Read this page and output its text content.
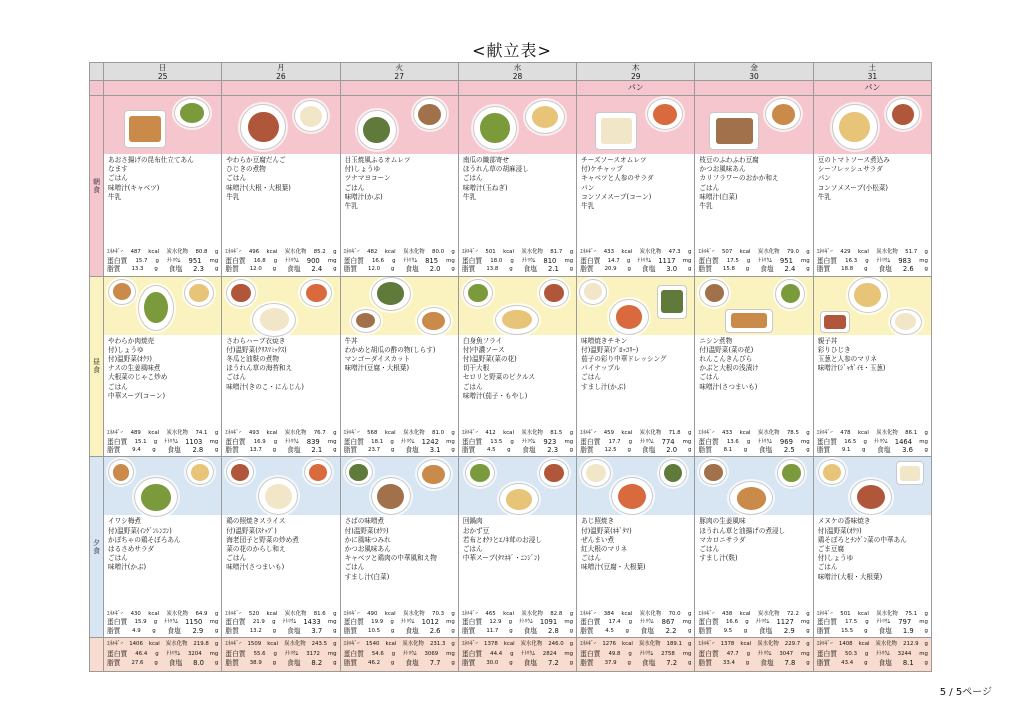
<献立表>
日
25
月
26
火
27
水
28
木
29
金
30
土
31
パン	パン
朝食
あおさ揚げの昆布仕立てあん
なます
ごはん
味噌汁(キャベツ)
牛乳
ｴﾈﾙｷﾞｰ 487 kcal 炭水化物 80.8 g
蛋白質 15.7 g ﾅﾄﾘｳﾑ 951 mg
脂質 13.3 g 食塩 2.3 g
やわらか豆腐だんご
ひじきの煮物
ごはん
味噌汁(大根・大根葉)
牛乳
ｴﾈﾙｷﾞｰ 496 kcal 炭水化物 85.2 g
蛋白質 16.8 g ﾅﾄﾘｳﾑ 900 mg
脂質 12.0 g 食塩 2.4 g
目玉焼風ふるオムレツ
付)しょうゆ
ツナマヨコーン
ごはん
味噌汁(かぶ)
牛乳
ｴﾈﾙｷﾞｰ 482 kcal 炭水化物 80.0 g
蛋白質 16.6 g ﾅﾄﾘｳﾑ 815 mg
脂質 12.0 g 食塩 2.0 g
南瓜の織部寄せ
ほうれん草の胡麻浸し
ごはん
味噌汁(玉ねぎ)
牛乳
ｴﾈﾙｷﾞｰ 501 kcal 炭水化物 81.7 g
蛋白質 18.0 g ﾅﾄﾘｳﾑ 810 mg
脂質 13.8 g 食塩 2.1 g
チーズソースオムレツ
付)ケチャップ
キャベツと人参のサラダ
パン
コンソメスープ(コーン)
牛乳
ｴﾈﾙｷﾞｰ 433 kcal 炭水化物 47.3 g
蛋白質 14.7 g ﾅﾄﾘｳﾑ 1117 mg
脂質 20.9 g 食塩 3.0 g
枝豆のふわふわ豆腐
かつお風味あん
カリフラワーのおかか和え
ごはん
味噌汁(白菜)
牛乳
ｴﾈﾙｷﾞｰ 507 kcal 炭水化物 79.0 g
蛋白質 17.5 g ﾅﾄﾘｳﾑ 951 mg
脂質 15.8 g 食塩 2.4 g
豆のトマトソース煮込み
シーフレッシュサラダ
パン
コンソメスープ(小松菜)
牛乳
ｴﾈﾙｷﾞｰ 429 kcal 炭水化物 51.7 g
蛋白質 16.3 g ﾅﾄﾘｳﾑ 983 mg
脂質 18.8 g 食塩 2.6 g
昼食
やわらか肉焼売
付)しょうゆ
付)温野菜(ｵｸﾗ)
ナスの生姜風味煮
大根菜のじゃこ炒め
ごはん
中華スープ(コーン)
ｴﾈﾙｷﾞｰ 489 kcal 炭水化物 74.1 g
蛋白質 15.1 g ﾅﾄﾘｳﾑ 1103 mg
脂質 9.4 g 食塩 2.8 g
さわらハーブ衣焼き
付)温野菜(ｸﾘｽﾏﾐｯｸｽ)
冬瓜と油麩の煮物
ほうれん草の海苔和え
ごはん
味噌汁(きのこ・にんじん)
ｴﾈﾙｷﾞｰ 493 kcal 炭水化物 76.7 g
蛋白質 16.9 g ﾅﾄﾘｳﾑ 839 mg
脂質 13.7 g 食塩 2.1 g
牛丼
わかめと胡瓜の酢の物(しらす)
マンゴーダイスカット
味噌汁(豆腐・大根葉)
ｴﾈﾙｷﾞｰ 568 kcal 炭水化物 81.0 g
蛋白質 18.1 g ﾅﾄﾘｳﾑ 1242 mg
脂質 23.7 g 食塩 3.1 g
白身魚フライ
付)中濃ソース
付)温野菜(菜の花)
切干大根
セロリと野菜のピクルス
ごはん
味噌汁(茄子・もやし)
ｴﾈﾙｷﾞｰ 412 kcal 炭水化物 81.5 g
蛋白質 13.5 g ﾅﾄﾘｳﾑ 923 mg
脂質 4.5 g 食塩 2.3 g
味噌焼きチキン
付)温野菜(ﾌﾞﾛｯｺﾘｰ)
茄子の彩り中華ドレッシング
パイナップル
ごはん
すまし汁(かぶ)
ｴﾈﾙｷﾞｰ 459 kcal 炭水化物 71.8 g
蛋白質 17.7 g ﾅﾄﾘｳﾑ 774 mg
脂質 12.5 g 食塩 2.0 g
ニシン煮物
付)温野菜(菜の花)
れんこんきんぴら
かぶと大根の浅漬け
ごはん
味噌汁(さつまいも)
ｴﾈﾙｷﾞｰ 433 kcal 炭水化物 78.5 g
蛋白質 13.6 g ﾅﾄﾘｳﾑ 969 mg
脂質 8.1 g 食塩 2.5 g
親子丼
彩りひじき
玉葱と人参のマリネ
味噌汁(ｼﾞｬｶﾞｲﾓ・玉葱)
ｴﾈﾙｷﾞｰ 478 kcal 炭水化物 86.1 g
蛋白質 16.5 g ﾅﾄﾘｳﾑ 1464 mg
脂質 9.1 g 食塩 3.6 g
夕食
イワシ梅煮
付)温野菜(ｲﾝｹﾞﾝﾚﾝｺﾝ)
かぼちゃの鶏そぼろあん
はるさめサラダ
ごはん
味噌汁(かぶ)
ｴﾈﾙｷﾞｰ 430 kcal 炭水化物 64.9 g
蛋白質 15.9 g ﾅﾄﾘｳﾑ 1150 mg
脂質 4.9 g 食塩 2.9 g
鶏の照焼きスライス
付)温野菜(ｽﾅｯﾌﾟ)
海老団子と野菜の炒め煮
菜の花のからし和え
ごはん
味噌汁(さつまいも)
ｴﾈﾙｷﾞｰ 520 kcal 炭水化物 81.6 g
蛋白質 21.9 g ﾅﾄﾘｳﾑ 1433 mg
脂質 13.2 g 食塩 3.7 g
さばの味噌煮
付)温野菜(ｵｸﾗ)
かに風味つみれ
かつお風味あん
キャベツと鶏肉の中華風和え物
ごはん
すまし汁(白菜)
ｴﾈﾙｷﾞｰ 490 kcal 炭水化物 70.3 g
蛋白質 19.9 g ﾅﾄﾘｳﾑ 1012 mg
脂質 10.5 g 食塩 2.6 g
回鍋肉
おかず豆
若布とｵｸﾗとｴﾉｷ茸のお浸し
ごはん
中華スープ(ﾀﾏﾈｷﾞ・ﾆﾝｼﾞﾝ)
ｴﾈﾙｷﾞｰ 465 kcal 炭水化物 82.8 g
蛋白質 12.9 g ﾅﾄﾘｳﾑ 1091 mg
脂質 11.7 g 食塩 2.8 g
あじ照焼き
付)温野菜(ﾈｷﾞﾀﾏ)
ぜんまい煮
紅大根のマリネ
ごはん
味噌汁(豆腐・大根葉)
ｴﾈﾙｷﾞｰ 384 kcal 炭水化物 70.0 g
蛋白質 17.4 g ﾅﾄﾘｳﾑ 867 mg
脂質 4.5 g 食塩 2.2 g
豚肉の生姜風味
ほうれん草と油揚げの煮浸し
マカロニサラダ
ごはん
すまし汁(麩)
ｴﾈﾙｷﾞｰ 438 kcal 炭水化物 72.2 g
蛋白質 16.6 g ﾅﾄﾘｳﾑ 1127 mg
脂質 9.5 g 食塩 2.9 g
メヌケの香味焼き
付)温野菜(ｵｸﾗ)
鶏そぼろとﾁﾝｹﾞﾝ菜の中華あん
ごま豆腐
付)しょうゆ
ごはん
味噌汁(大根・大根葉)
ｴﾈﾙｷﾞｰ 501 kcal 炭水化物 75.1 g
蛋白質 17.5 g ﾅﾄﾘｳﾑ 797 mg
脂質 15.5 g 食塩 1.9 g
ｴﾈﾙｷﾞｰ 1406 kcal 炭水化物 219.8 g
蛋白質 46.4 g ﾅﾄﾘｳﾑ 3204 mg
脂質 27.6 g 食塩 8.0 g
ｴﾈﾙｷﾞｰ 1509 kcal 炭水化物 243.5 g
蛋白質 55.6 g ﾅﾄﾘｳﾑ 3172 mg
脂質 38.9 g 食塩 8.2 g
ｴﾈﾙｷﾞｰ 1540 kcal 炭水化物 231.3 g
蛋白質 54.6 g ﾅﾄﾘｳﾑ 3069 mg
脂質 46.2 g 食塩 7.7 g
ｴﾈﾙｷﾞｰ 1378 kcal 炭水化物 246.0 g
蛋白質 44.4 g ﾅﾄﾘｳﾑ 2824 mg
脂質 30.0 g 食塩 7.2 g
ｴﾈﾙｷﾞｰ 1276 kcal 炭水化物 189.1 g
蛋白質 49.8 g ﾅﾄﾘｳﾑ 2758 mg
脂質 37.9 g 食塩 7.2 g
ｴﾈﾙｷﾞｰ 1378 kcal 炭水化物 229.7 g
蛋白質 47.7 g ﾅﾄﾘｳﾑ 3047 mg
脂質 33.4 g 食塩 7.8 g
ｴﾈﾙｷﾞｰ 1408 kcal 炭水化物 212.9 g
蛋白質 50.3 g ﾅﾄﾘｳﾑ 3244 mg
脂質 43.4 g 食塩 8.1 g
5 / 5ページ
